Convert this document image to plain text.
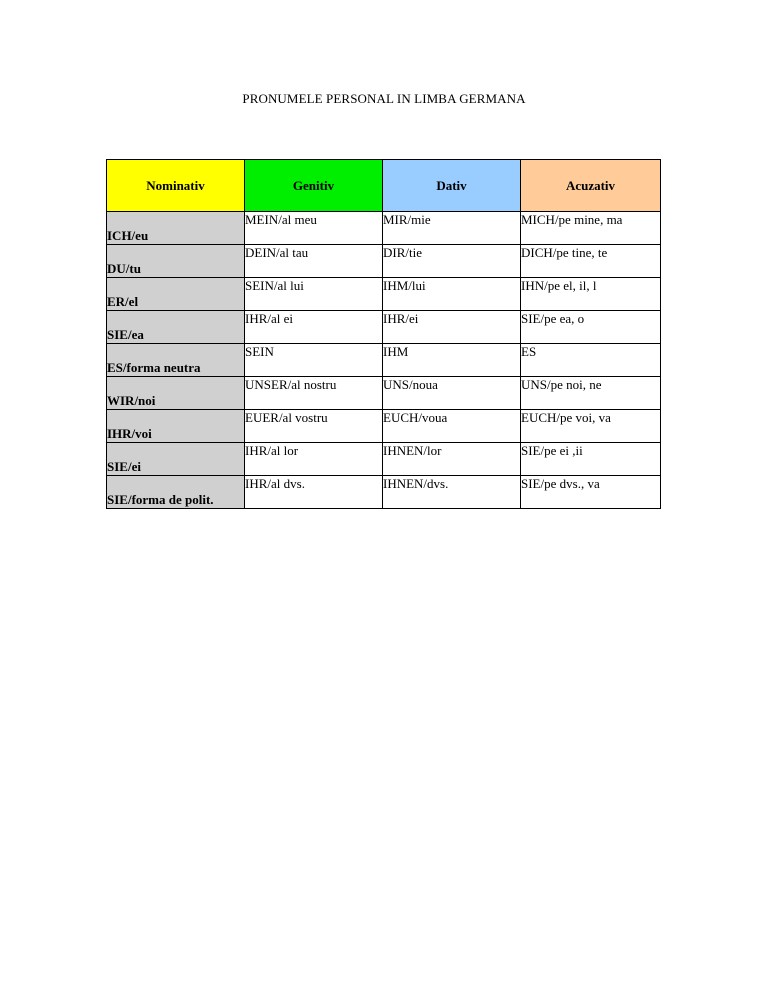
PRONUMELE PERSONAL IN LIMBA GERMANA
Nominativ	Genitiv	Dativ	Acuzativ
ICH/eu	MEIN/al meu	MIR/mie	MICH/pe mine, ma
DU/tu	DEIN/al tau	DIR/tie	DICH/pe tine, te
ER/el	SEIN/al lui	IHM/lui	IHN/pe el, il, l
SIE/ea	IHR/al ei	IHR/ei	SIE/pe ea, o
ES/forma neutra	SEIN	IHM	ES
WIR/noi	UNSER/al nostru	UNS/noua	UNS/pe noi, ne
IHR/voi	EUER/al vostru	EUCH/voua	EUCH/pe voi, va
SIE/ei	IHR/al lor	IHNEN/lor	SIE/pe ei ,ii
SIE/forma de polit.	IHR/al dvs.	IHNEN/dvs.	SIE/pe dvs., va
